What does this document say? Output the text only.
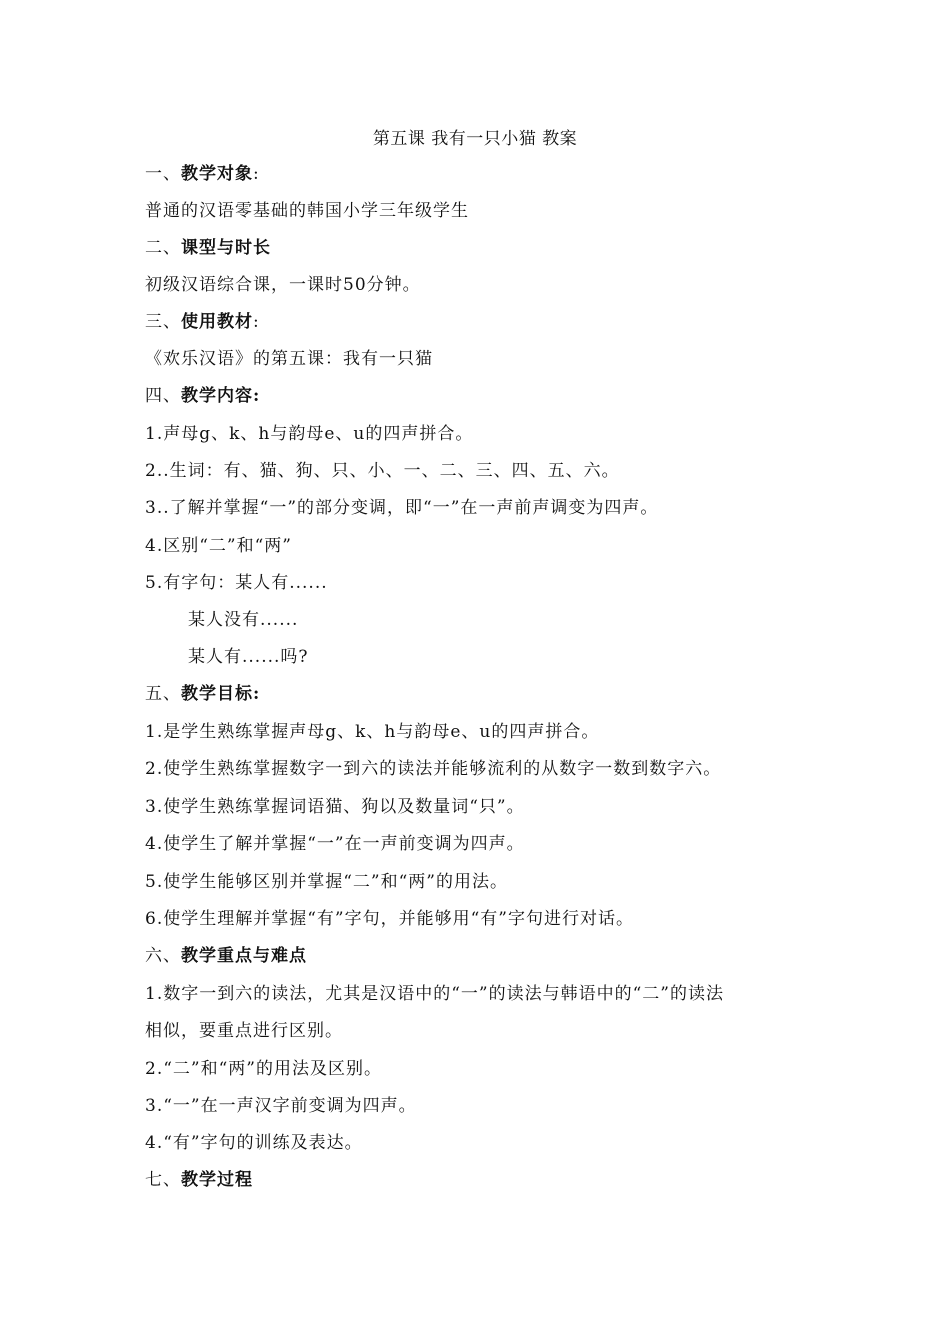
第五课 我有一只小猫 教案
一、教学对象:
普通的汉语零基础的韩国小学三年级学生
二、课型与时长
初级汉语综合课，一课时50分钟。
三、使用教材:
《欢乐汉语》的第五课：我有一只猫
四、教学内容:
1.声母g、k、h与韵母e、u的四声拼合。
2..生词：有、猫、狗、只、小、一、二、三、四、五、六。
3..了解并掌握“一”的部分变调，即“一”在一声前声调变为四声。
4.区别“二”和“两”
5.有字句：某人有......
某人没有......
某人有......吗?
五、教学目标:
1.是学生熟练掌握声母g、k、h与韵母e、u的四声拼合。
2.使学生熟练掌握数字一到六的读法并能够流利的从数字一数到数字六。
3.使学生熟练掌握词语猫、狗以及数量词“只”。
4.使学生了解并掌握“一”在一声前变调为四声。
5.使学生能够区别并掌握“二”和“两”的用法。
6.使学生理解并掌握“有”字句，并能够用“有”字句进行对话。
六、教学重点与难点
1.数字一到六的读法，尤其是汉语中的“一”的读法与韩语中的“二”的读法
相似，要重点进行区别。
2.“二”和“两”的用法及区别。
3.“一”在一声汉字前变调为四声。
4.“有”字句的训练及表达。
七、教学过程
